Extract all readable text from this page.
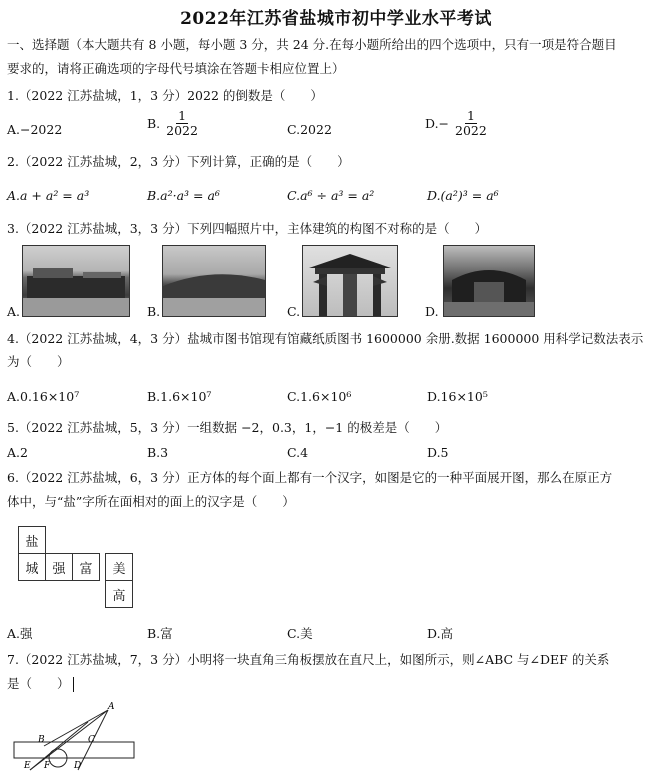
2022年江苏省盐城市初中学业水平考试
一、选择题（本大题共有 8 小题，每小题 3 分，共 24 分.在每小题所给出的四个选项中，只有一项是符合题目
要求的，请将正确选项的字母代号填涂在答题卡相应位置上）
1.（2022 江苏盐城，1，3 分）2022 的倒数是（　　）
A.−2022	B. $\frac{1}{2022}$	C.2022	$D.- \frac{1}{2022}$
2.（2022 江苏盐城，2，3 分）下列计算，正确的是（　　）
A.a + a² = a³	B.a²·a³ = a⁶	C.a⁶ ÷ a³ = a²	D.(a²)³ = a⁶
3.（2022 江苏盐城，3，3 分）下列四幅照片中，主体建筑的构图不对称的是（　　）
A.	B.	C.	D.
4.（2022 江苏盐城，4，3 分）盐城市图书馆现有馆藏纸质图书 1600000 余册.数据 1600000 用科学记数法表示
为（　　）
A.0.16×10⁷	B.1.6×10⁷	C.1.6×10⁶	D.16×10⁵
5.（2022 江苏盐城，5，3 分）一组数据 −2，0.3，1，−1 的极差是（　　）
A.2	B.3	C.4	D.5
6.（2022 江苏盐城，6，3 分）正方体的每个面上都有一个汉字，如图是它的一种平面展开图，那么在原正方
体中，与“盐”字所在面相对的面上的汉字是（　　）
盐
城	强	富	美
高
A.强	B.富	C.美	D.高
7.（2022 江苏盐城，7，3 分）小明将一块直角三角板摆放在直尺上，如图所示，则∠ABC 与∠DEF 的关系
是（　　）
A
B	C
D
E F
